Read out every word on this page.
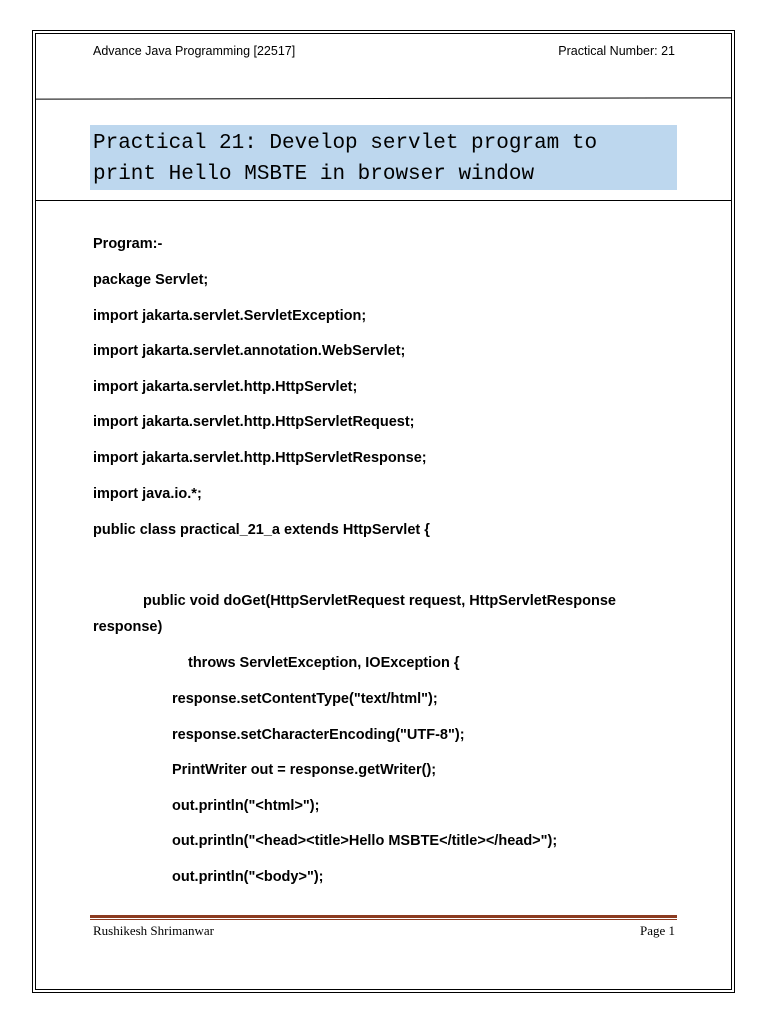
Advance Java Programming [22517]	Practical Number: 21
Practical 21: Develop servlet program to
print Hello MSBTE in browser window
Program:-
package Servlet;
import jakarta.servlet.ServletException;
import jakarta.servlet.annotation.WebServlet;
import jakarta.servlet.http.HttpServlet;
import jakarta.servlet.http.HttpServletRequest;
import jakarta.servlet.http.HttpServletResponse;
import java.io.*;
public class practical_21_a extends HttpServlet {
public void doGet(HttpServletRequest request, HttpServletResponse
response)
throws ServletException, IOException {
response.setContentType("text/html");
response.setCharacterEncoding("UTF-8");
PrintWriter out = response.getWriter();
out.println("<html>");
out.println("<head><title>Hello MSBTE</title></head>");
out.println("<body>");
Rushikesh Shrimanwar	Page 1
